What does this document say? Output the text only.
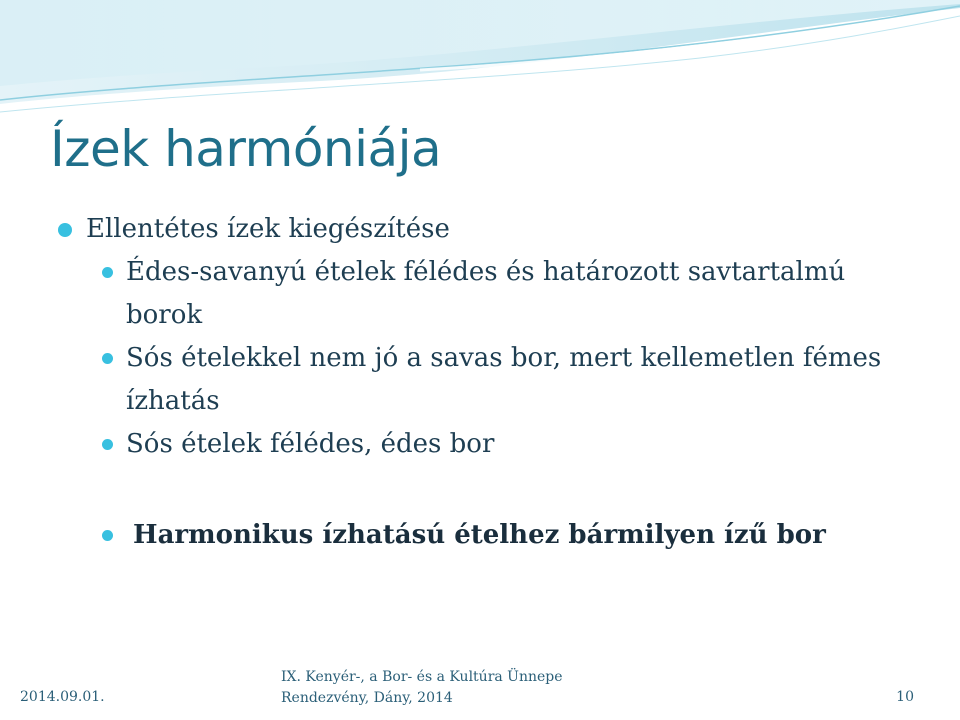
Ízek harmóniája
Ellentétes ízek kiegészítése
Édes-savanyú ételek félédes és határozott savtartalmú borok
Sós ételekkel nem jó a savas bor, mert kellemetlen fémes ízhatás
Sós ételek félédes, édes bor
Harmonikus ízhatású ételhez bármilyen ízű bor
2014.09.01.
IX. Kenyér-, a Bor- és a Kultúra Ünnepe
Rendezvény, Dány, 2014	10
